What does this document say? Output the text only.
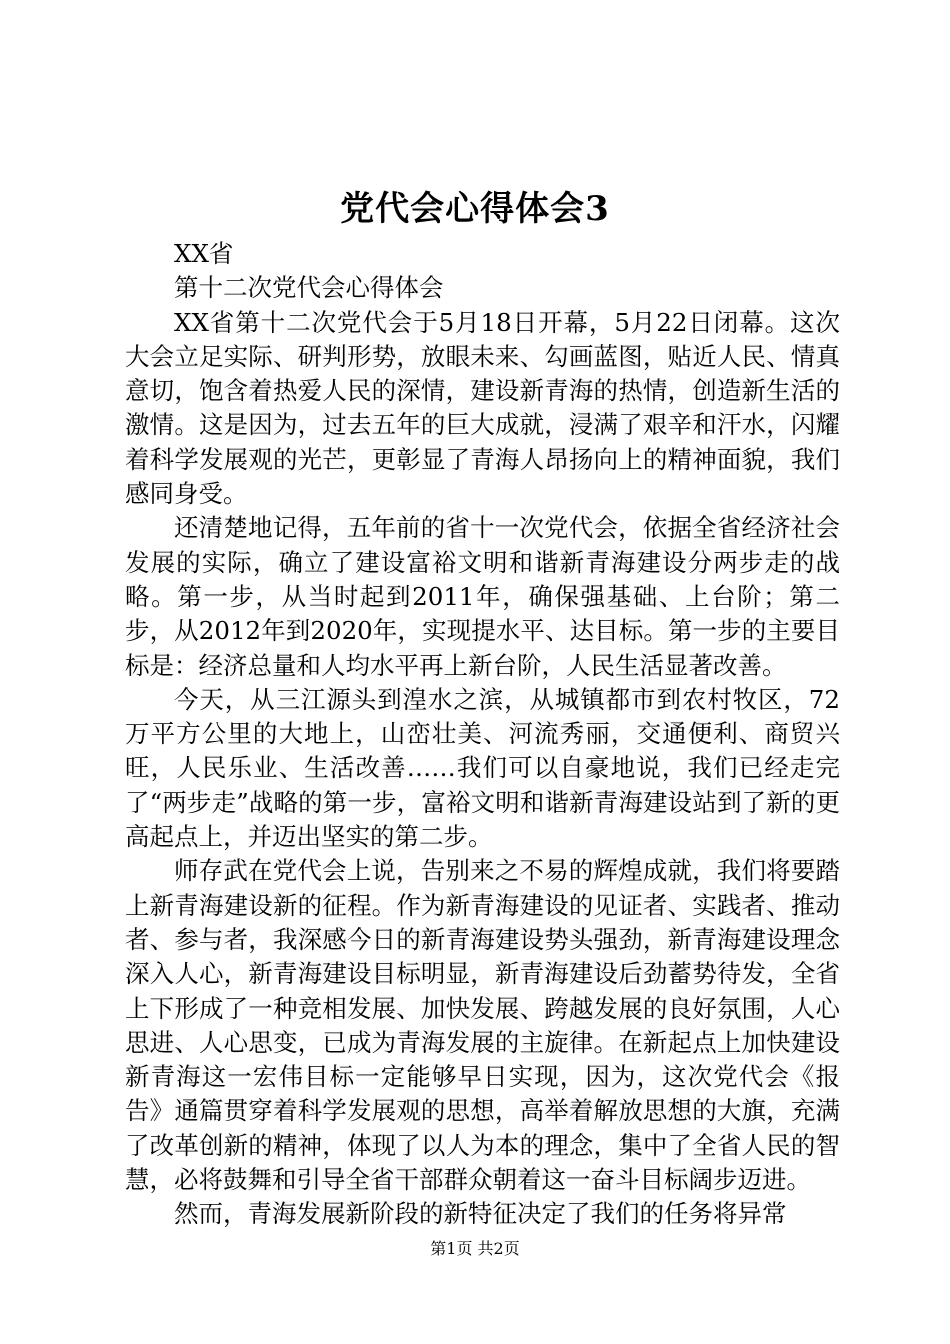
党代会心得体会3

XX省

第十二次党代会心得体会

XX省第十二次党代会于5月18日开幕，5月22日闭幕。这次大会立足实际、研判形势，放眼未来、勾画蓝图，贴近人民、情真意切，饱含着热爱人民的深情，建设新青海的热情，创造新生活的激情。这是因为，过去五年的巨大成就，浸满了艰辛和汗水，闪耀着科学发展观的光芒，更彰显了青海人昂扬向上的精神面貌，我们感同身受。

还清楚地记得，五年前的省十一次党代会，依据全省经济社会发展的实际，确立了建设富裕文明和谐新青海建设分两步走的战略。第一步，从当时起到2011年，确保强基础、上台阶；第二步，从2012年到2020年，实现提水平、达目标。第一步的主要目标是：经济总量和人均水平再上新台阶，人民生活显著改善。

今天，从三江源头到湟水之滨，从城镇都市到农村牧区，72万平方公里的大地上，山峦壮美、河流秀丽，交通便利、商贸兴旺，人民乐业、生活改善……我们可以自豪地说，我们已经走完了“两步走”战略的第一步，富裕文明和谐新青海建设站到了新的更高起点上，并迈出坚实的第二步。

师存武在党代会上说，告别来之不易的辉煌成就，我们将要踏上新青海建设新的征程。作为新青海建设的见证者、实践者、推动者、参与者，我深感今日的新青海建设势头强劲，新青海建设理念深入人心，新青海建设目标明显，新青海建设后劲蓄势待发，全省上下形成了一种竞相发展、加快发展、跨越发展的良好氛围，人心思进、人心思变，已成为青海发展的主旋律。在新起点上加快建设新青海这一宏伟目标一定能够早日实现，因为，这次党代会《报告》通篇贯穿着科学发展观的思想，高举着解放思想的大旗，充满了改革创新的精神，体现了以人为本的理念，集中了全省人民的智慧，必将鼓舞和引导全省干部群众朝着这一奋斗目标阔步迈进。

然而，青海发展新阶段的新特征决定了我们的任务将异常

第1页 共2页
